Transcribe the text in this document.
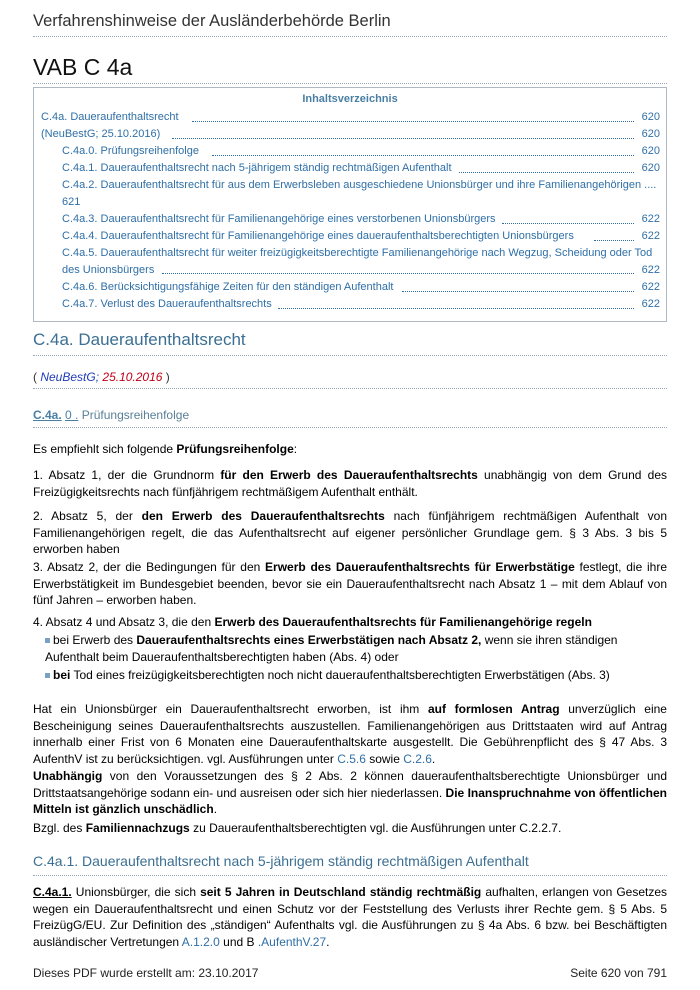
Verfahrenshinweise der Ausländerbehörde Berlin
VAB C 4a
Inhaltsverzeichnis
C.4a. Daueraufenthaltsrecht	620
(NeuBestG; 25.10.2016)	620
C.4a.0. Prüfungsreihenfolge	620
C.4a.1. Daueraufenthaltsrecht nach 5-jährigem ständig rechtmäßigen Aufenthalt	620
C.4a.2. Daueraufenthaltsrecht für aus dem Erwerbsleben ausgeschiedene Unionsbürger und ihre Familienangehörigen ....
621
C.4a.3. Daueraufenthaltsrecht für Familienangehörige eines verstorbenen Unionsbürgers	622
C.4a.4. Daueraufenthaltsrecht für Familienangehörige eines daueraufenthaltsberechtigten Unionsbürgers	622
C.4a.5. Daueraufenthaltsrecht für weiter freizügigkeitsberechtigte Familienangehörige nach Wegzug, Scheidung oder Tod
des Unionsbürgers	622
C.4a.6. Berücksichtigungsfähige Zeiten für den ständigen Aufenthalt	622
C.4a.7. Verlust des Daueraufenthaltsrechts	622
C.4a. Daueraufenthaltsrecht
( NeuBestG; 25.10.2016 )
C.4a. 0 . Prüfungsreihenfolge
Es empfiehlt sich folgende Prüfungsreihenfolge:
1. Absatz 1, der die Grundnorm für den Erwerb des Daueraufenthaltsrechts unabhängig von dem Grund des Freizügigkeitsrechts nach fünfjährigem rechtmäßigem Aufenthalt enthält.
2. Absatz 5, der den Erwerb des Daueraufenthaltsrechts nach fünfjährigem rechtmäßigen Aufenthalt von Familienangehörigen regelt, die das Aufenthaltsrecht auf eigener persönlicher Grundlage gem. § 3 Abs. 3 bis 5 erworben haben
3. Absatz 2, der die Bedingungen für den Erwerb des Daueraufenthaltsrechts für Erwerbstätige festlegt, die ihre Erwerbstätigkeit im Bundesgebiet beenden, bevor sie ein Daueraufenthaltsrecht nach Absatz 1 – mit dem Ablauf von fünf Jahren – erworben haben.
4. Absatz 4 und Absatz 3, die den Erwerb des Daueraufenthaltsrechts für Familienangehörige regeln
bei Erwerb des Daueraufenthaltsrechts eines Erwerbstätigen nach Absatz 2, wenn sie ihren ständigen Aufenthalt beim Daueraufenthaltsberechtigten haben (Abs. 4) oder
bei Tod eines freizügigkeitsberechtigten noch nicht daueraufenthaltsberechtigten Erwerbstätigen (Abs. 3)
Hat ein Unionsbürger ein Daueraufenthaltsrecht erworben, ist ihm auf formlosen Antrag unverzüglich eine Bescheinigung seines Daueraufenthaltsrechts auszustellen. Familienangehörigen aus Drittstaaten wird auf Antrag innerhalb einer Frist von 6 Monaten eine Daueraufenthaltskarte ausgestellt. Die Gebührenpflicht des § 47 Abs. 3 AufenthV ist zu berücksichtigen. vgl. Ausführungen unter C.5.6 sowie C.2.6.
Unabhängig von den Voraussetzungen des § 2 Abs. 2 können daueraufenthaltsberechtigte Unionsbürger und Drittstaatsangehörige sodann ein- und ausreisen oder sich hier niederlassen. Die Inanspruchnahme von öffentlichen Mitteln ist gänzlich unschädlich.
Bzgl. des Familiennachzugs zu Daueraufenthaltsberechtigten vgl. die Ausführungen unter C.2.2.7.
C.4a.1. Daueraufenthaltsrecht nach 5-jährigem ständig rechtmäßigen Aufenthalt
C.4a.1. Unionsbürger, die sich seit 5 Jahren in Deutschland ständig rechtmäßig aufhalten, erlangen von Gesetzes wegen ein Daueraufenthaltsrecht und einen Schutz vor der Feststellung des Verlusts ihrer Rechte gem. § 5 Abs. 5 FreizügG/EU. Zur Definition des „ständigen“ Aufenthalts vgl. die Ausführungen zu § 4a Abs. 6 bzw. bei Beschäftigten ausländischer Vertretungen A.1.2.0 und B .AufenthV.27.
Dieses PDF wurde erstellt am: 23.10.2017	Seite 620 von 791
